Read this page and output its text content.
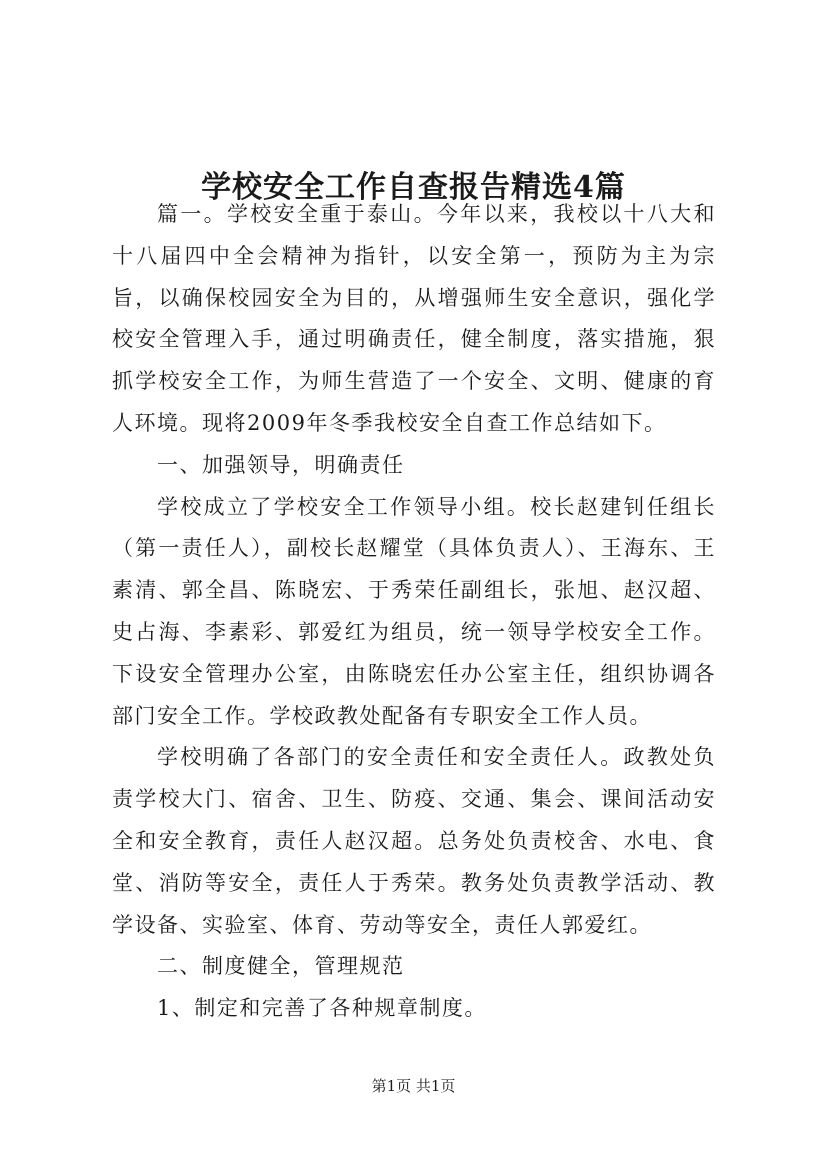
学校安全工作自查报告精选4篇

篇一。学校安全重于泰山。今年以来，我校以十八大和十八届四中全会精神为指针，以安全第一，预防为主为宗旨，以确保校园安全为目的，从增强师生安全意识，强化学校安全管理入手，通过明确责任，健全制度，落实措施，狠抓学校安全工作，为师生营造了一个安全、文明、健康的育人环境。现将2009年冬季我校安全自查工作总结如下。

一、加强领导，明确责任

学校成立了学校安全工作领导小组。校长赵建钊任组长（第一责任人），副校长赵耀堂（具体负责人）、王海东、王素清、郭全昌、陈晓宏、于秀荣任副组长，张旭、赵汉超、史占海、李素彩、郭爱红为组员，统一领导学校安全工作。下设安全管理办公室，由陈晓宏任办公室主任，组织协调各部门安全工作。学校政教处配备有专职安全工作人员。

学校明确了各部门的安全责任和安全责任人。政教处负责学校大门、宿舍、卫生、防疫、交通、集会、课间活动安全和安全教育，责任人赵汉超。总务处负责校舍、水电、食堂、消防等安全，责任人于秀荣。教务处负责教学活动、教学设备、实验室、体育、劳动等安全，责任人郭爱红。

二、制度健全，管理规范

1、制定和完善了各种规章制度。

第1页 共1页
